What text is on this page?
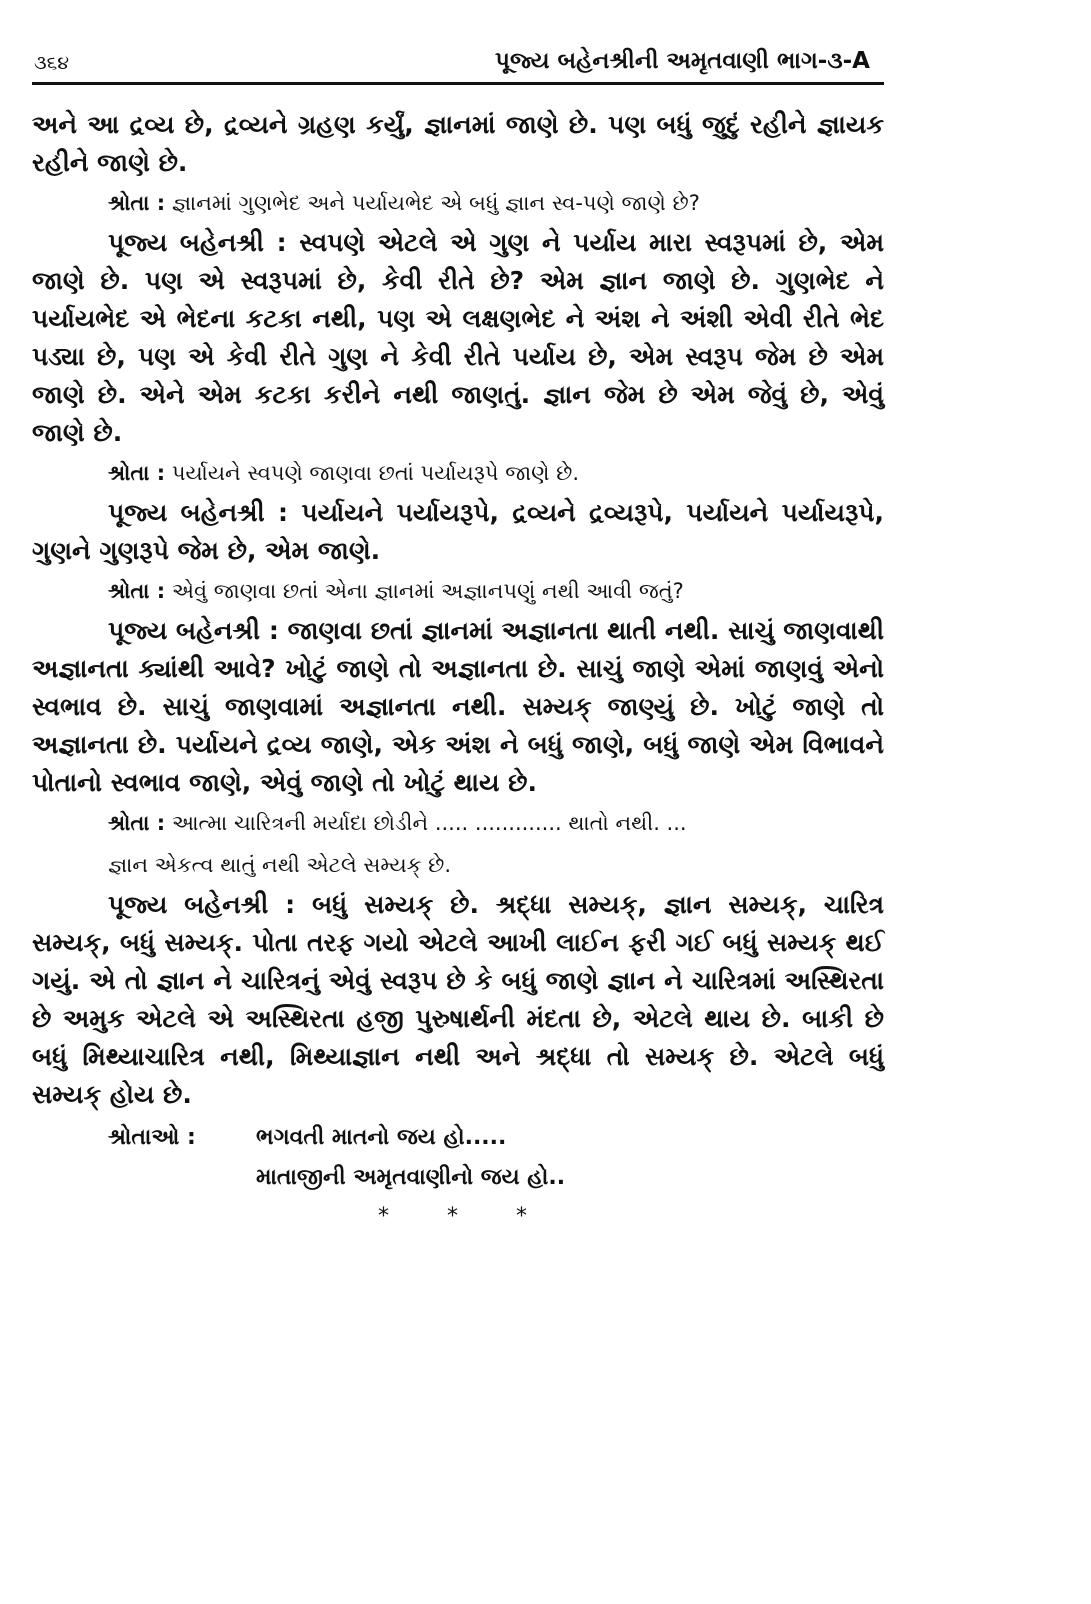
૩૬૪	પૂજ્ય બહેનશ્રીની અમૃતવાણી ભાગ-૩-A

અને આ દ્રવ્ય છે, દ્રવ્યને ગ્રહણ કર્યું, જ્ઞાનમાં જાણે છે. પણ બધું જુદું રહીને જ્ઞાયક રહીને જાણે છે.

શ્રોતા : જ્ઞાનમાં ગુણભેદ અને પર્યાયભેદ એ બધું જ્ઞાન સ્વ-પણે જાણે છે?

પૂજ્ય બહેનશ્રી : સ્વપણે એટલે એ ગુણ ને પર્યાય મારા સ્વરૂપમાં છે, એમ જાણે છે. પણ એ સ્વરૂપમાં છે, કેવી રીતે છે? એમ જ્ઞાન જાણે છે. ગુણભેદ ને પર્યાયભેદ એ ભેદના કટકા નથી, પણ એ લક્ષણભેદ ને અંશ ને અંશી એવી રીતે ભેદ પડ્યા છે, પણ એ કેવી રીતે ગુણ ને કેવી રીતે પર્યાય છે, એમ સ્વરૂપ જેમ છે એમ જાણે છે. એને એમ કટકા કરીને નથી જાણતું. જ્ઞાન જેમ છે એમ જેવું છે, એવું જાણે છે.

શ્રોતા : પર્યાયને સ્વપણે જાણવા છતાં પર્યાયરૂપે જાણે છે.

પૂજ્ય બહેનશ્રી : પર્યાયને પર્યાયરૂપે, દ્રવ્યને દ્રવ્યરૂપે, પર્યાયને પર્યાયરૂપે, ગુણને ગુણરૂપે જેમ છે, એમ જાણે.

શ્રોતા : એવું જાણવા છતાં એના જ્ઞાનમાં અજ્ઞાનપણું નથી આવી જતું?

પૂજ્ય બહેનશ્રી : જાણવા છતાં જ્ઞાનમાં અજ્ઞાનતા થાતી નથી. સાચું જાણવાથી અજ્ઞાનતા ક્યાંથી આવે? ખોટું જાણે તો અજ્ઞાનતા છે. સાચું જાણે એમાં જાણવું એનો સ્વભાવ છે. સાચું જાણવામાં અજ્ઞાનતા નથી. સમ્યક્ જાણ્યું છે. ખોટું જાણે તો અજ્ઞાનતા છે. પર્યાયને દ્રવ્ય જાણે, એક અંશ ને બધું જાણે, બધું જાણે એમ વિભાવને પોતાનો સ્વભાવ જાણે, એવું જાણે તો ખોટું થાય છે.

શ્રોતા : આત્મા ચારિત્રની મર્યાદા છોડીને ..... ............. થાતો નથી. ...

જ્ઞાન એકત્વ થાતું નથી એટલે સમ્યક્ છે.

પૂજ્ય બહેનશ્રી : બધું સમ્યક્ છે. શ્રદ્ધા સમ્યક્, જ્ઞાન સમ્યક્, ચારિત્ર સમ્યક્, બધું સમ્યક્. પોતા તરફ ગયો એટલે આખી લાઈન ફરી ગઈ બધું સમ્યક્ થઈ ગયું. એ તો જ્ઞાન ને ચારિત્રનું એવું સ્વરૂપ છે કે બધું જાણે જ્ઞાન ને ચારિત્રમાં અસ્થિરતા છે અમુક એટલે એ અસ્થિરતા હજી પુરુષાર્થની મંદતા છે, એટલે થાય છે. બાકી છે બધું મિથ્યાચારિત્ર નથી, મિથ્યાજ્ઞાન નથી અને શ્રદ્ધા તો સમ્યક્ છે. એટલે બધું સમ્યક્ હોય છે.

શ્રોતાઓ :	ભગવતી માતનો જય હો.....
માતાજીની અમૃતવાણીનો જય હો..
*	*	*
